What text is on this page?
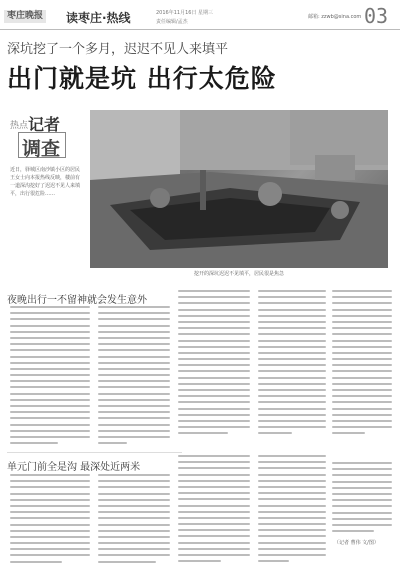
枣庄晚报 读枣庄·热线	2016年11月16日 星期三
责任编辑/孟杰
邮箱: zzwb@sina.com 03
深坑挖了一个多月，迟迟不见人来填平
出门就是坑 出行太危险
热点 记者
调查
近日，驿城区南沙镇小区的居民王女士向本报热线反映，楼前有一道深沟挖好了迟迟不见人来填平，出行很危险……
挖开的深坑迟迟不见填平，居民很是焦急
夜晚出行一不留神就会发生意外
单元门前全是沟 最深处近两米
（记者 曹伟 文/图）
